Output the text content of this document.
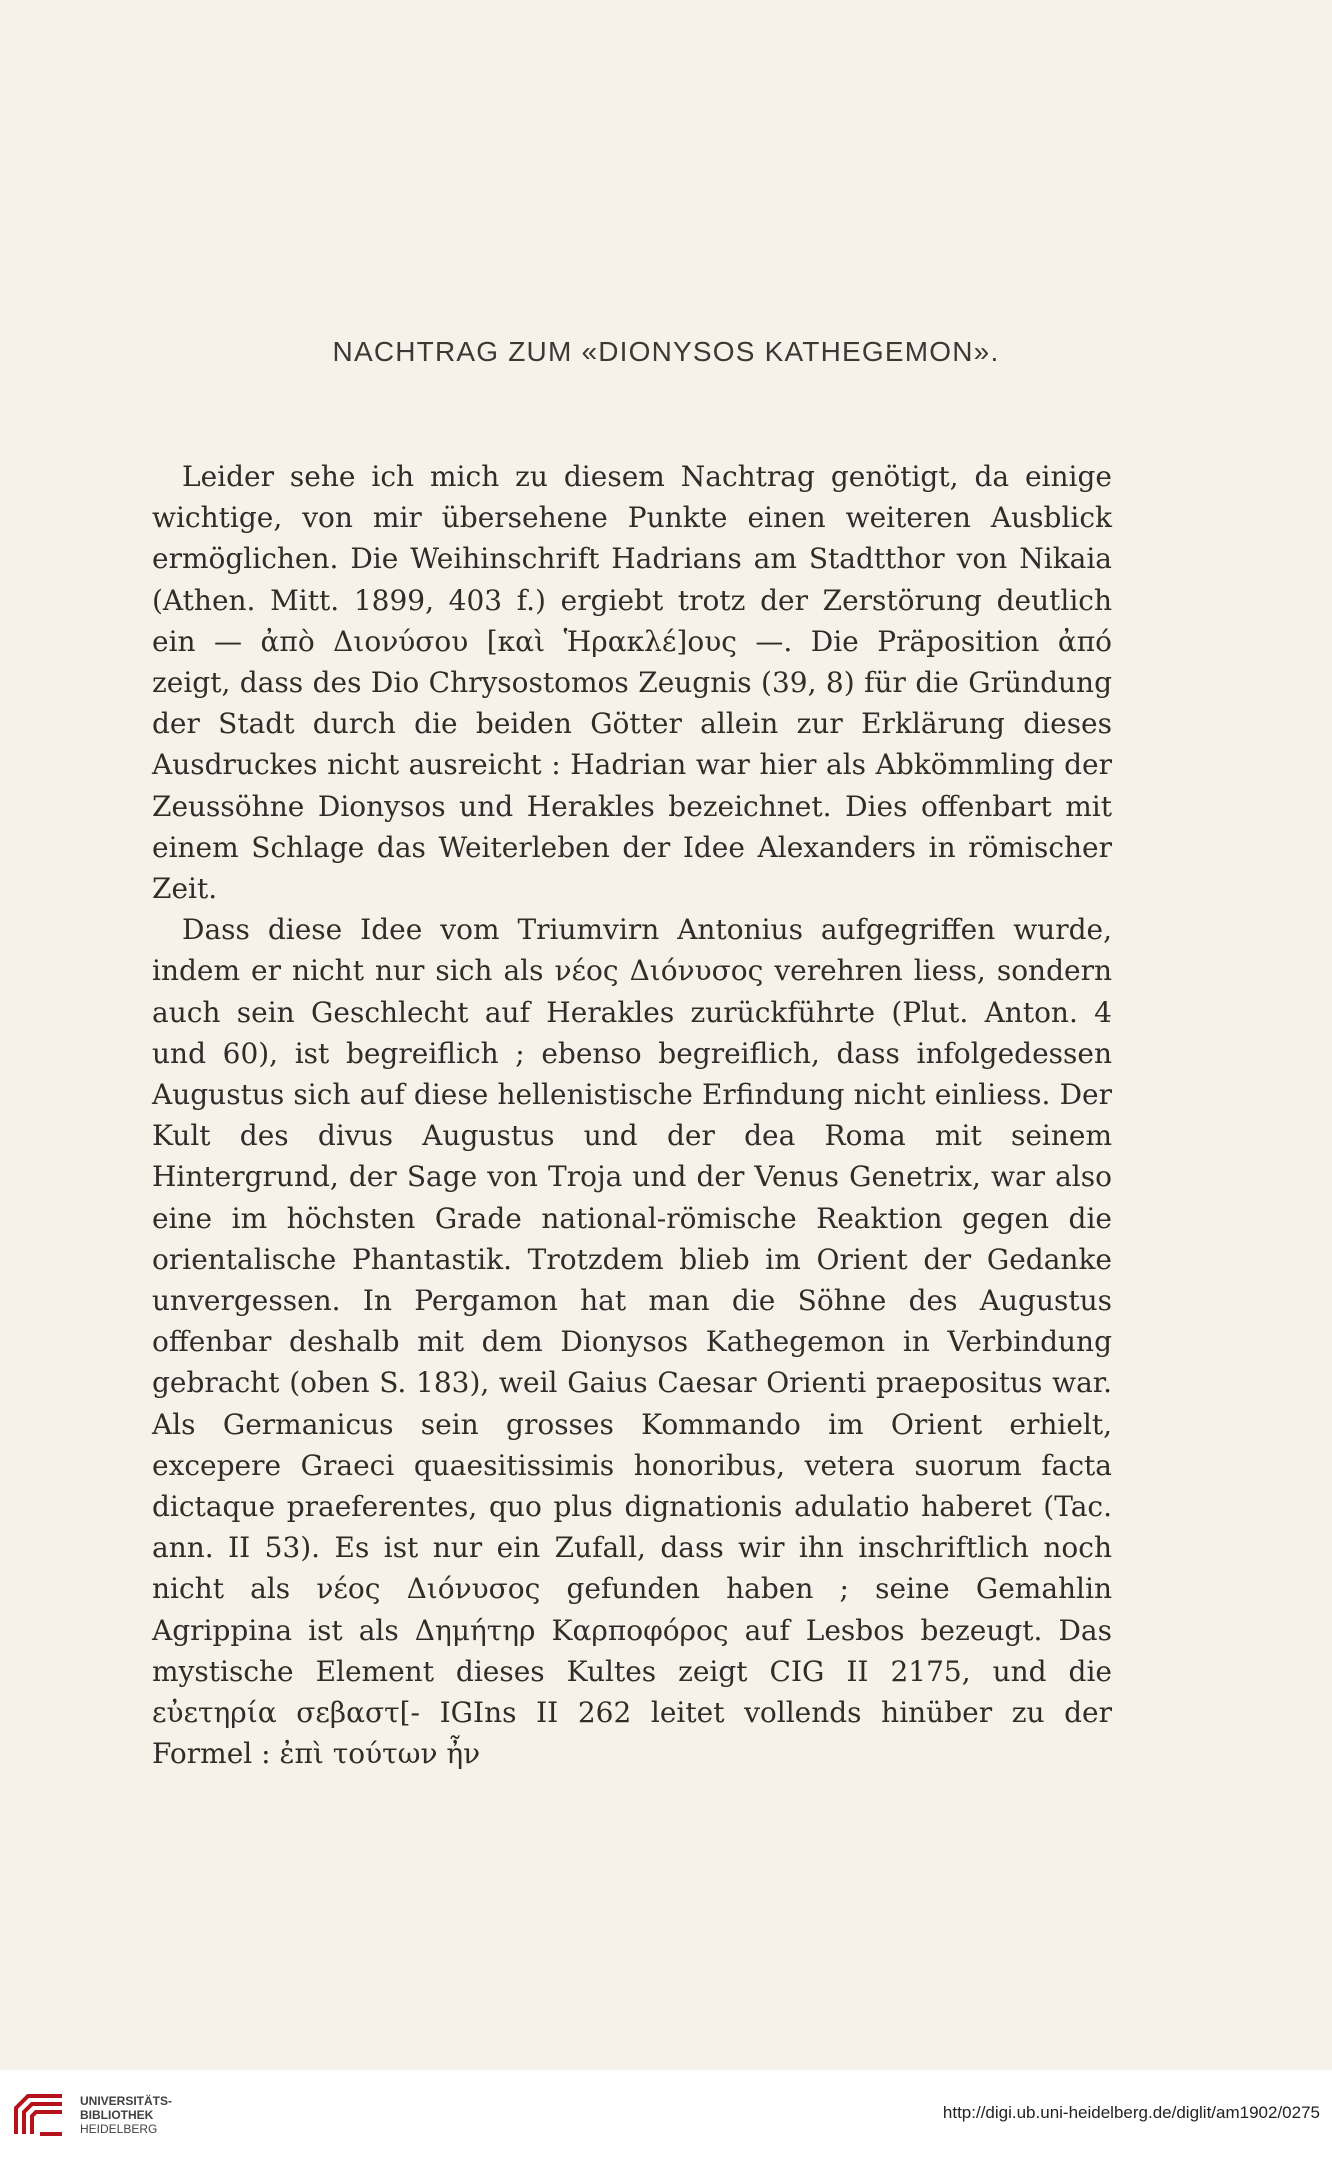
NACHTRAG ZUM «DIONYSOS KATHEGEMON».

Leider sehe ich mich zu diesem Nachtrag genötigt, da einige wichtige, von mir übersehene Punkte einen weiteren Ausblick ermöglichen. Die Weihinschrift Hadrians am Stadtthor von Nikaia (Athen. Mitt. 1899, 403 f.) ergiebt trotz der Zerstörung deutlich ein — ἀπὸ Διονύσου [καὶ Ἡρακλέ]ους —. Die Präposition ἀπό zeigt, dass des Dio Chrysostomos Zeugnis (39, 8) für die Gründung der Stadt durch die beiden Götter allein zur Erklärung dieses Ausdruckes nicht ausreicht : Hadrian war hier als Abkömmling der Zeussöhne Dionysos und Herakles bezeichnet. Dies offenbart mit einem Schlage das Weiterleben der Idee Alexanders in römischer Zeit.

Dass diese Idee vom Triumvirn Antonius aufgegriffen wurde, indem er nicht nur sich als νέος Διόνυσος verehren liess, sondern auch sein Geschlecht auf Herakles zurückführte (Plut. Anton. 4 und 60), ist begreiflich ; ebenso begreiflich, dass infolgedessen Augustus sich auf diese hellenistische Erfindung nicht einliess. Der Kult des divus Augustus und der dea Roma mit seinem Hintergrund, der Sage von Troja und der Venus Genetrix, war also eine im höchsten Grade national-römische Reaktion gegen die orientalische Phantastik. Trotzdem blieb im Orient der Gedanke unvergessen. In Pergamon hat man die Söhne des Augustus offenbar deshalb mit dem Dionysos Kathegemon in Verbindung gebracht (oben S. 183), weil Gaius Caesar Orienti praepositus war. Als Germanicus sein grosses Kommando im Orient erhielt, excepere Graeci quaesitissimis honoribus, vetera suorum facta dictaque praeferentes, quo plus dignationis adulatio haberet (Tac. ann. II 53). Es ist nur ein Zufall, dass wir ihn inschriftlich noch nicht als νέος Διόνυσος gefunden haben ; seine Gemahlin Agrippina ist als Δημήτηρ Καρποφόρος auf Lesbos bezeugt. Das mystische Element dieses Kultes zeigt CIG II 2175, und die εὐετηρία σεβαστ[- IGIns II 262 leitet vollends hinüber zu der Formel : ἐπὶ τούτων ἦν

UNIVERSITÄTS-
BIBLIOTHEK
HEIDELBERG
http://digi.ub.uni-heidelberg.de/diglit/am1902/0275
